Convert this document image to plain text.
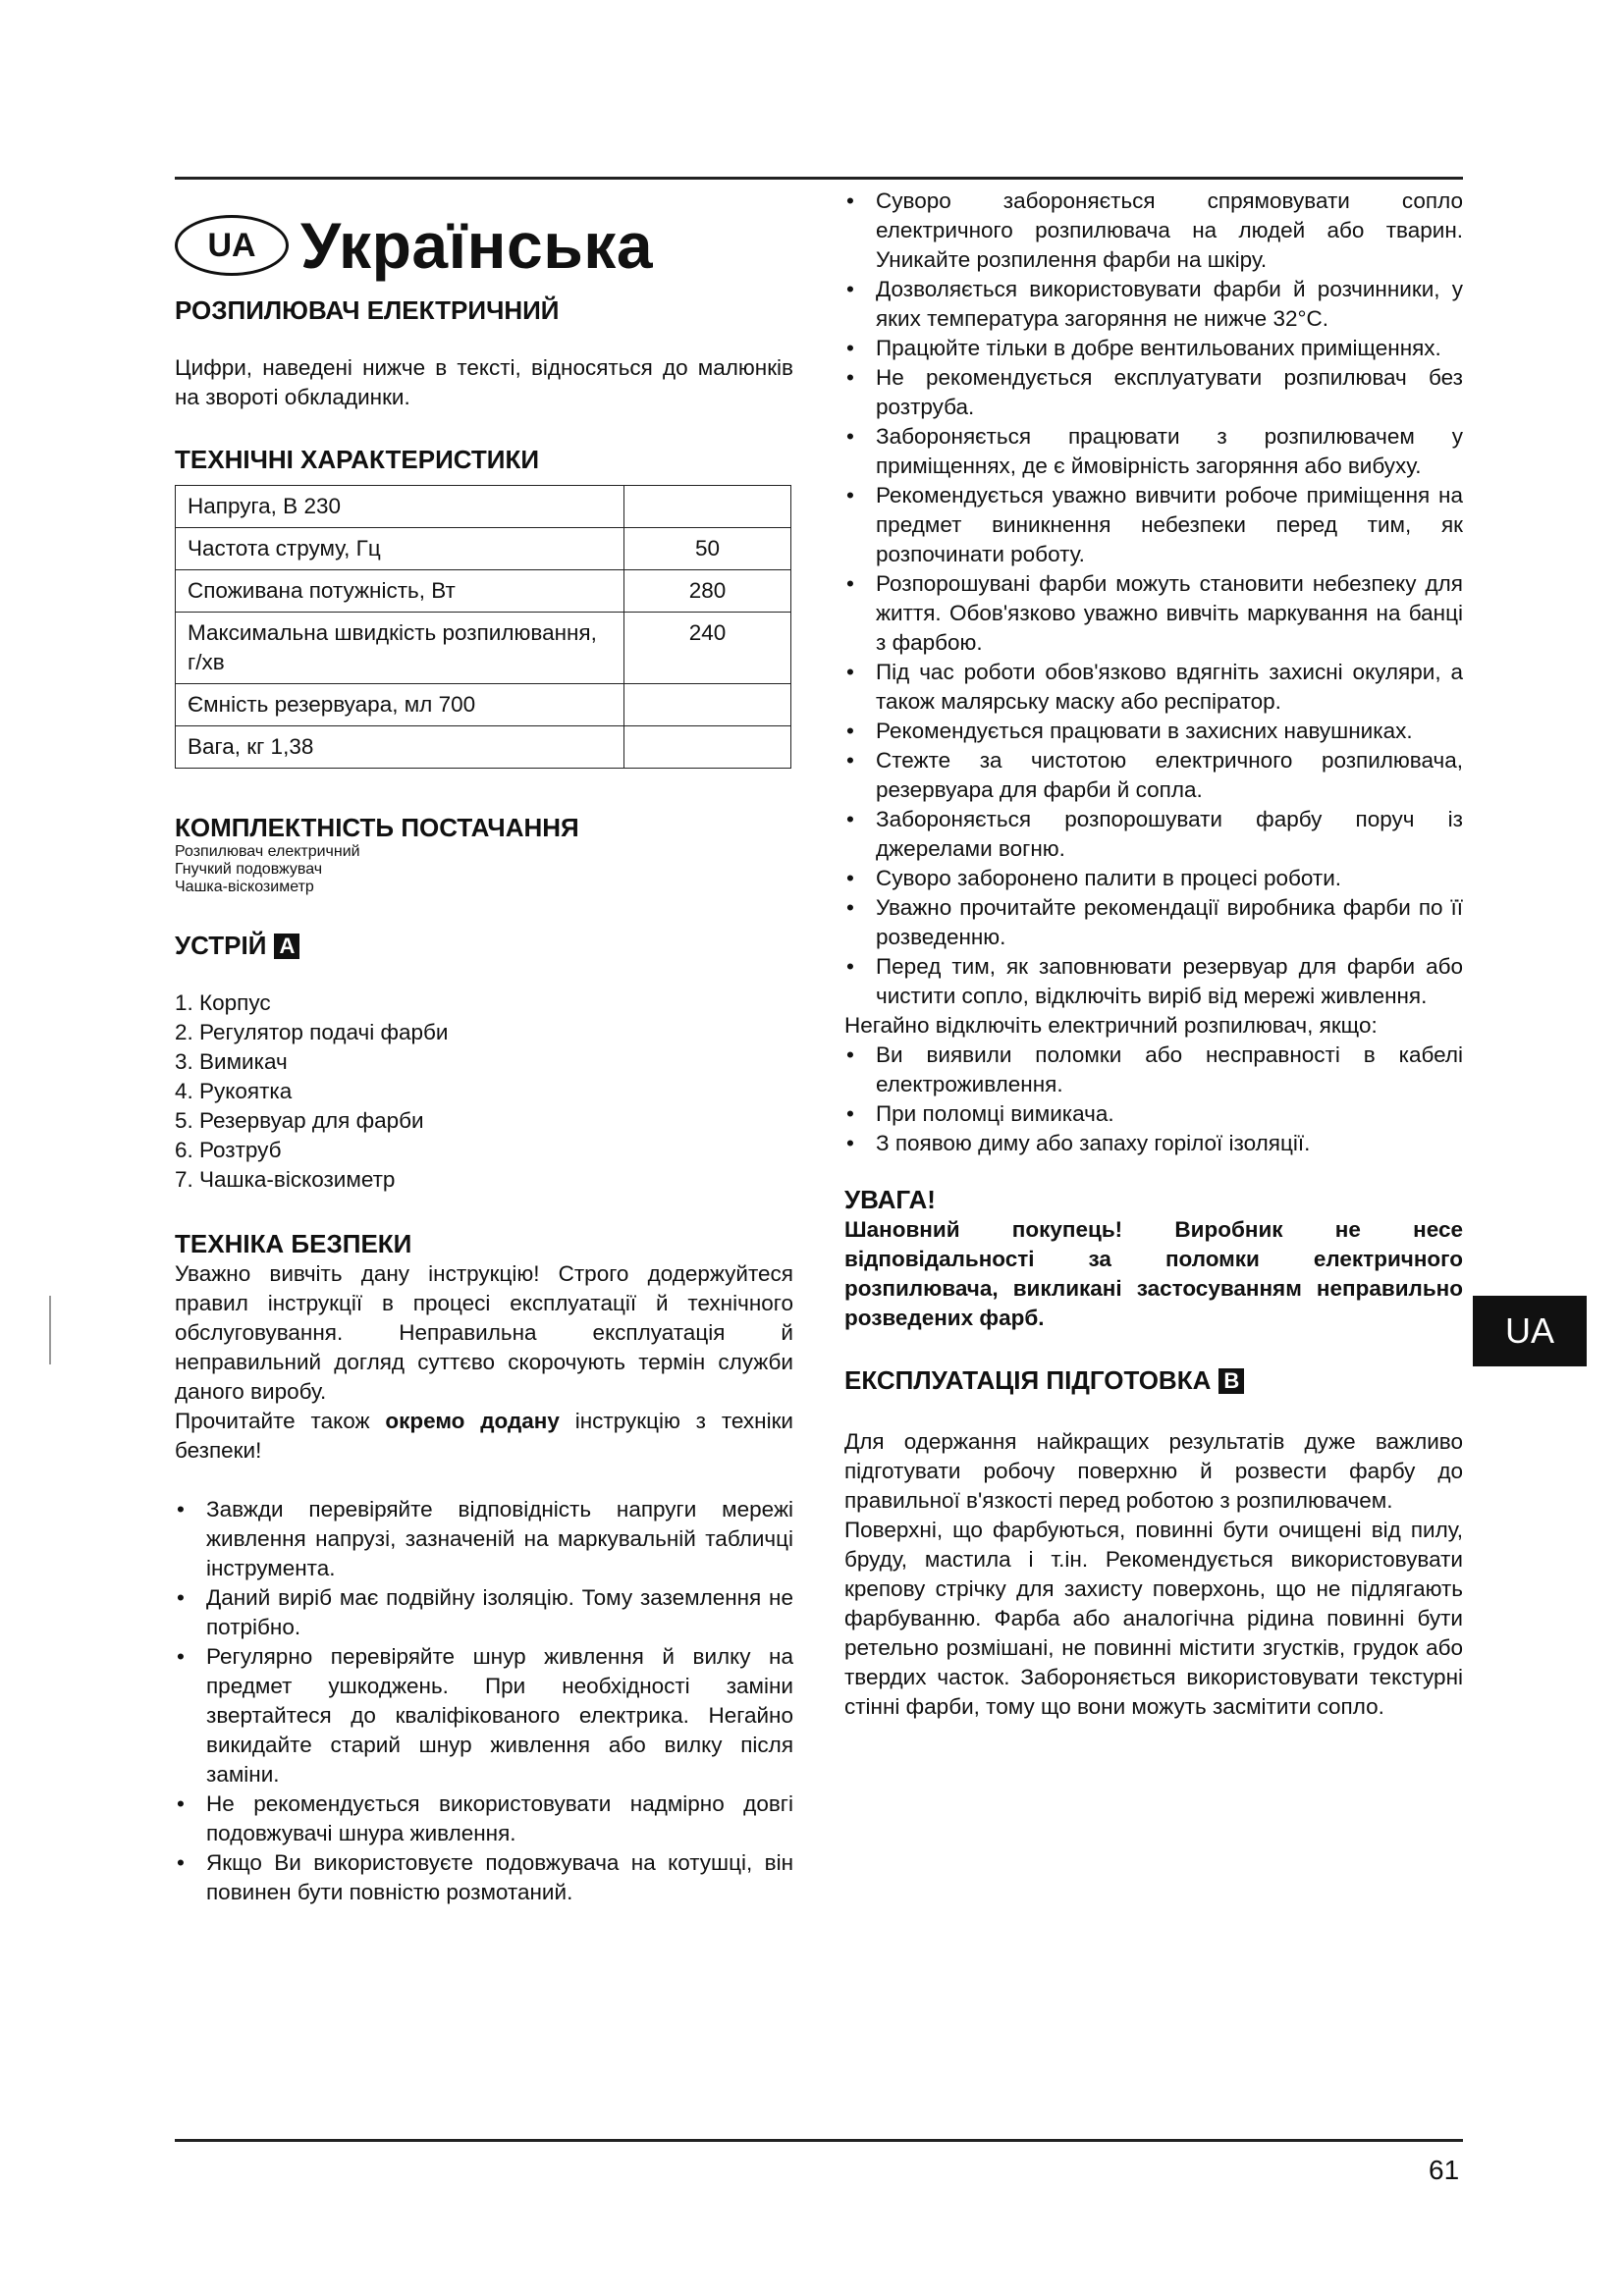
UA Українська
РОЗПИЛЮВАЧ ЕЛЕКТРИЧНИЙ

Цифри, наведені нижче в тексті, відносяться до малюнків на звороті обкладинки.

ТЕХНІЧНІ ХАРАКТЕРИСТИКИ
Напруга, В 230	
Частота струму, Гц	50
Споживана потужність, Вт	280
Максимальна швидкість розпилювання, г/хв	240
Ємність резервуара, мл 700	
Вага, кг 1,38	
КОМПЛЕКТНІСТЬ ПОСТАЧАННЯ
Розпилювач електричний
Гнучкий подовжувач
Чашка-віскозиметр
УСТРІЙ A
1. Корпус
2. Регулятор подачі фарби
3. Вимикач
4. Рукоятка
5. Резервуар для фарби
6. Розтруб
7. Чашка-віскозиметр
ТЕХНІКА БЕЗПЕКИ

Уважно вивчіть дану інструкцію! Строго додержуйтеся правил інструкції в процесі експлуатації й технічного обслуговування. Неправильна експлуатація й неправильний догляд суттєво скорочують термін служби даного виробу.

Прочитайте також окремо додану інструкцію з техніки безпеки!

• Завжди перевіряйте відповідність напруги мережі живлення напрузі, зазначеній на маркувальній табличці інструмента.
• Даний виріб має подвійну ізоляцію. Тому заземлення не потрібно.
• Регулярно перевіряйте шнур живлення й вилку на предмет ушкоджень. При необхідності заміни звертайтеся до кваліфікованого електрика. Негайно викидайте старий шнур живлення або вилку після заміни.
• Не рекомендується використовувати надмірно довгі подовжувачі шнура живлення.
• Якщо Ви використовуєте подовжувача на котушці, він повинен бути повністю розмотаний.
• Суворо забороняється спрямовувати сопло електричного розпилювача на людей або тварин. Уникайте розпилення фарби на шкіру.
• Дозволяється використовувати фарби й розчинники, у яких температура загоряння не нижче 32°С.
• Працюйте тільки в добре вентильованих приміщеннях.
• Не рекомендується експлуатувати розпилювач без розтруба.
• Забороняється працювати з розпилювачем у приміщеннях, де є ймовірність загоряння або вибуху.
• Рекомендується уважно вивчити робоче приміщення на предмет виникнення небезпеки перед тим, як розпочинати роботу.
• Розпорошувані фарби можуть становити небезпеку для життя. Обов'язково уважно вивчіть маркування на банці з фарбою.
• Під час роботи обов'язково вдягніть захисні окуляри, а також малярську маску або респіратор.
• Рекомендується працювати в захисних навушниках.
• Стежте за чистотою електричного розпилювача, резервуара для фарби й сопла.
• Забороняється розпорошувати фарбу поруч із джерелами вогню.
• Суворо заборонено палити в процесі роботи.
• Уважно прочитайте рекомендації виробника фарби по її розведенню.
• Перед тим, як заповнювати резервуар для фарби або чистити сопло, відключіть виріб від мережі живлення.

Негайно відключіть електричний розпилювач, якщо:

• Ви виявили поломки або несправності в кабелі електроживлення.
• При поломці вимикача.
• З появою диму або запаху горілої ізоляції.
УВАГА!

Шановний покупець! Виробник не несе відповідальності за поломки електричного розпилювача, викликані застосуванням неправильно розведених фарб.

ЕКСПЛУАТАЦІЯ ПІДГОТОВКА B

Для одержання найкращих результатів дуже важливо підготувати робочу поверхню й розвести фарбу до правильної в'язкості перед роботою з розпилювачем.

Поверхні, що фарбуються, повинні бути очищені від пилу, бруду, мастила і т.ін. Рекомендується використовувати крепову стрічку для захисту поверхонь, що не підлягають фарбуванню. Фарба або аналогічна рідина повинні бути ретельно розмішані, не повинні містити згустків, грудок або твердих часток. Забороняється використовувати текстурні стінні фарби, тому що вони можуть засмітити сопло.

UA
61
